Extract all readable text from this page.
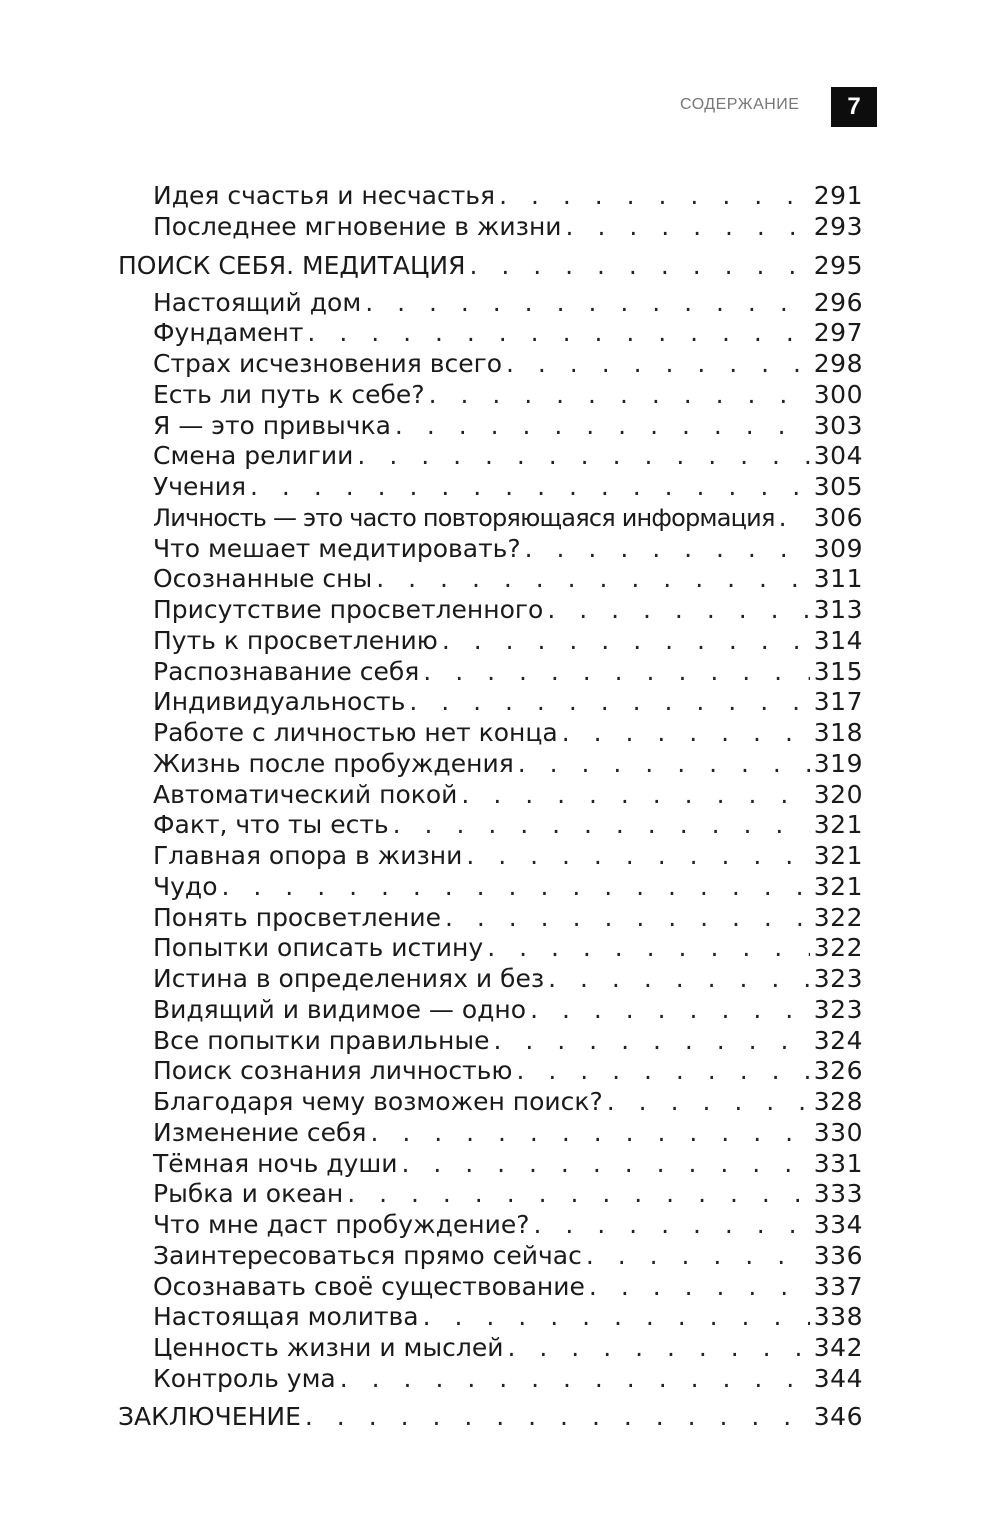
СОДЕРЖАНИЕ	7
Идея счастья и несчастья . . .	291
Последнее мгновение в жизни . . .	293
ПОИСК СЕБЯ. МЕДИТАЦИЯ . . .	295
Настоящий дом . . .	296
Фундамент . . .	297
Страх исчезновения всего . . .	298
Есть ли путь к себе? . . .	300
Я — это привычка . . .	303
Смена религии . . .	304
Учения . . .	305
Личность — это часто повторяющаяся информация . . . 306
Что мешает медитировать? . . .	309
Осознанные сны . . .	311
Присутствие просветленного . . .	313
Путь к просветлению . . .	314
Распознавание себя . . .	315
Индивидуальность . . .	317
Работе с личностью нет конца . . .	318
Жизнь после пробуждения . . .	319
Автоматический покой . . .	320
Факт, что ты есть . . .	321
Главная опора в жизни . . .	321
Чудо . . .	321
Понять просветление . . .	322
Попытки описать истину . . .	322
Истина в определениях и без . . .	323
Видящий и видимое — одно . . .	323
Все попытки правильные . . .	324
Поиск сознания личностью . . .	326
Благодаря чему возможен поиск? . . .	328
Изменение себя . . .	330
Тёмная ночь души . . .	331
Рыбка и океан . . .	333
Что мне даст пробуждение? . . .	334
Заинтересоваться прямо сейчас . . .	336
Осознавать своё существование . . .	337
Настоящая молитва . . .	338
Ценность жизни и мыслей . . .	342
Контроль ума . . .	344
ЗАКЛЮЧЕНИЕ . . .	346
